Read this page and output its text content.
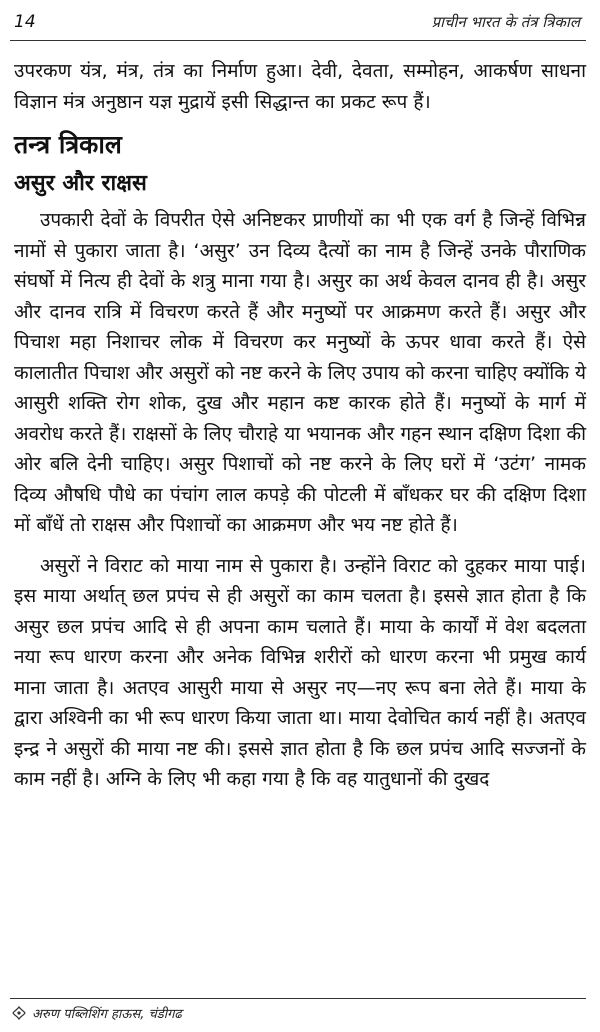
14	प्राचीन भारत के तंत्र त्रिकाल

उपरकण यंत्र, मंत्र, तंत्र का निर्माण हुआ। देवी, देवता, सम्मोहन, आकर्षण साधना विज्ञान मंत्र अनुष्ठान यज्ञ मुद्रायें इसी सिद्धान्त का प्रकट रूप हैं।

तन्त्र त्रिकाल
असुर और राक्षस

उपकारी देवों के विपरीत ऐसे अनिष्टकर प्राणीयों का भी एक वर्ग है जिन्हें विभिन्न नामों से पुकारा जाता है। ‘असुर’ उन दिव्य दैत्यों का नाम है जिन्हें उनके पौराणिक संघर्षो में नित्य ही देवों के शत्रु माना गया है। असुर का अर्थ केवल दानव ही है। असुर और दानव रात्रि में विचरण करते हैं और मनुष्यों पर आक्रमण करते हैं। असुर और पिचाश महा निशाचर लोक में विचरण कर मनुष्यों के ऊपर धावा करते हैं। ऐसे कालातीत पिचाश और असुरों को नष्ट करने के लिए उपाय को करना चाहिए क्योंकि ये आसुरी शक्ति रोग शोक, दुख और महान कष्ट कारक होते हैं। मनुष्यों के मार्ग में अवरोध करते हैं। राक्षसों के लिए चौराहे या भयानक और गहन स्थान दक्षिण दिशा की ओर बलि देनी चाहिए। असुर पिशाचों को नष्ट करने के लिए घरों में ‘उटंग’ नामक दिव्य औषधि पौधे का पंचांग लाल कपड़े की पोटली में बाँधकर घर की दक्षिण दिशा मों बाँधें तो राक्षस और पिशाचों का आक्रमण और भय नष्ट होते हैं।

असुरों ने विराट को माया नाम से पुकारा है। उन्होंने विराट को दुहकर माया पाई। इस माया अर्थात् छल प्रपंच से ही असुरों का काम चलता है। इससे ज्ञात होता है कि असुर छल प्रपंच आदि से ही अपना काम चलाते हैं। माया के कार्यों में वेश बदलता नया रूप धारण करना और अनेक विभिन्न शरीरों को धारण करना भी प्रमुख कार्य माना जाता है। अतएव आसुरी माया से असुर नए—नए रूप बना लेते हैं। माया के द्वारा अश्विनी का भी रूप धारण किया जाता था। माया देवोचित कार्य नहीं है। अतएव इन्द्र ने असुरों की माया नष्ट की। इससे ज्ञात होता है कि छल प्रपंच आदि सज्जनों के काम नहीं है। अग्नि के लिए भी कहा गया है कि वह यातुधानों की दुखद

अरुण पब्लिशिंग हाऊस, चंडीगढ
